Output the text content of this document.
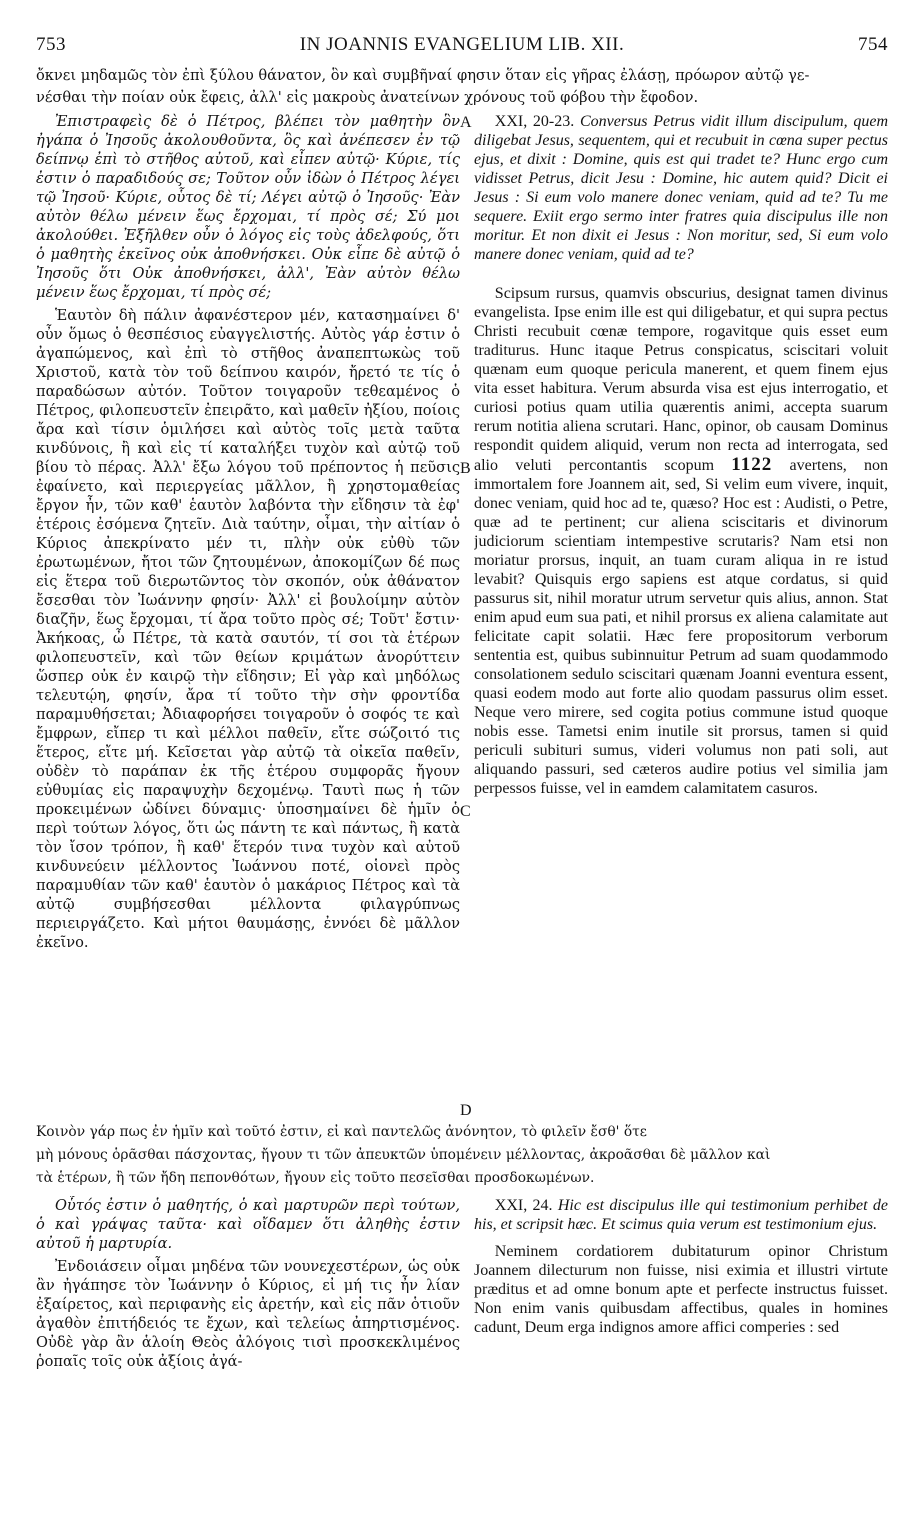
753	IN JOANNIS EVANGELIUM LIB. XII.	754
ὄκνει μηδαμῶς τὸν ἐπὶ ξύλου θάνατον, ὃν καὶ συμβῆναί φησιν ὅταν εἰς γῆρας ἐλάσῃ, πρόωρον αὐτῷ γε-
νέσθαι τὴν ποίαν οὐκ ἔφεις, ἀλλ' εἰς μακροὺς ἀνατείνων χρόνους τοῦ φόβου τὴν ἔφοδον.

Ἐπιστραφεὶς δὲ ὁ Πέτρος, βλέπει τὸν μαθητὴν ὃν ἠγάπα ὁ Ἰησοῦς ἀκολουθοῦντα, ὃς καὶ ἀνέπεσεν ἐν τῷ δείπνῳ ἐπὶ τὸ στῆθος αὐτοῦ, καὶ εἶπεν αὐτῷ· Κύριε, τίς ἐστιν ὁ παραδιδούς σε; Τοῦτον οὖν ἰδὼν ὁ Πέτρος λέγει τῷ Ἰησοῦ· Κύριε, οὗτος δὲ τί; Λέγει αὐτῷ ὁ Ἰησοῦς· Ἐὰν αὐτὸν θέλω μένειν ἕως ἔρχομαι, τί πρὸς σέ; Σύ μοι ἀκολούθει. Ἐξῆλθεν οὖν ὁ λόγος εἰς τοὺς ἀδελφούς, ὅτι ὁ μαθητὴς ἐκεῖνος οὐκ ἀποθνήσκει. Οὐκ εἶπε δὲ αὐτῷ ὁ Ἰησοῦς ὅτι Οὐκ ἀποθνήσκει, ἀλλ', Ἐὰν αὐτὸν θέλω μένειν ἕως ἔρχομαι, τί πρὸς σέ;

Ἑαυτὸν δὴ πάλιν ἀφανέστερον μέν, κατασημαίνει δ' οὖν ὅμως ὁ θεσπέσιος εὐαγγελιστής. Αὐτὸς γάρ ἐστιν ὁ ἀγαπώμενος, καὶ ἐπὶ τὸ στῆθος ἀναπεπτωκὼς τοῦ Χριστοῦ, κατὰ τὸν τοῦ δείπνου καιρόν, ἤρετό τε τίς ὁ παραδώσων αὐτόν. Τοῦτον τοιγαροῦν τεθεαμένος ὁ Πέτρος, φιλοπευστεῖν ἐπειρᾶτο, καὶ μαθεῖν ἠξίου, ποίοις ἄρα καὶ τίσιν ὁμιλήσει καὶ αὐτὸς τοῖς μετὰ ταῦτα κινδύνοις, ἢ καὶ εἰς τί καταλήξει τυχὸν καὶ αὐτῷ τοῦ βίου τὸ πέρας. Ἀλλ' ἔξω λόγου τοῦ πρέποντος ἡ πεῦσις ἐφαίνετο, καὶ περιεργείας μᾶλλον, ἢ χρηστομαθείας ἔργον ἦν, τῶν καθ' ἑαυτὸν λαβόντα τὴν εἴδησιν τὰ ἐφ' ἑτέροις ἐσόμενα ζητεῖν. Διὰ ταύτην, οἶμαι, τὴν αἰτίαν ὁ Κύριος ἀπεκρίνατο μέν τι, πλὴν οὐκ εὐθὺ τῶν ἐρωτωμένων, ἤτοι τῶν ζητουμένων, ἀποκομίζων δέ πως εἰς ἕτερα τοῦ διερωτῶντος τὸν σκοπόν, οὐκ ἀθάνατον ἔσεσθαι τὸν Ἰωάννην φησίν· Ἀλλ' εἰ βουλοίμην αὐτὸν διαζῆν, ἕως ἔρχομαι, τί ἄρα τοῦτο πρὸς σέ; Τοῦτ' ἔστιν· Ἀκήκοας, ὦ Πέτρε, τὰ κατὰ σαυτόν, τί σοι τὰ ἑτέρων φιλοπευστεῖν, καὶ τῶν θείων κριμάτων ἀνορύττειν ὥσπερ οὐκ ἐν καιρῷ τὴν εἴδησιν; Εἰ γὰρ καὶ μηδόλως τελευτῴη, φησίν, ἄρα τί τοῦτο τὴν σὴν φροντίδα παραμυθήσεται; Ἀδιαφορήσει τοιγαροῦν ὁ σοφός τε καὶ ἔμφρων, εἴπερ τι καὶ μέλλοι παθεῖν, εἴτε σώζοιτό τις ἕτερος, εἴτε μή. Κεῖσεται γὰρ αὐτῷ τὰ οἰκεῖα παθεῖν, οὐδὲν τὸ παράπαν ἐκ τῆς ἑτέρου συμφορᾶς ἤγουν εὐθυμίας εἰς παραψυχὴν δεχομένῳ. Ταυτὶ πως ἡ τῶν προκειμένων ὠδίνει δύναμις· ὑποσημαίνει δὲ ἡμῖν ὁ περὶ τούτων λόγος, ὅτι ὡς πάντη τε καὶ πάντως, ἢ κατὰ τὸν ἴσον τρόπον, ἢ καθ' ἕτερόν τινα τυχὸν καὶ αὐτοῦ κινδυνεύειν μέλλοντος Ἰωάννου ποτέ, οἱονεὶ πρὸς παραμυθίαν τῶν καθ' ἑαυτὸν ὁ μακάριος Πέτρος καὶ τὰ αὐτῷ συμβήσεσθαι μέλλοντα φιλαγρύπνως περιειργάζετο. Καὶ μήτοι θαυμάσῃς, ἐννόει δὲ μᾶλλον ἐκεῖνο.

XXI, 20-23. Conversus Petrus vidit illum discipulum, quem diligebat Jesus, sequentem, qui et recubuit in cœna super pectus ejus, et dixit : Domine, quis est qui tradet te? Hunc ergo cum vidisset Petrus, dicit Jesu : Domine, hic autem quid? Dicit ei Jesus : Si eum volo manere donec veniam, quid ad te? Tu me sequere. Exiit ergo sermo inter fratres quia discipulus ille non moritur. Et non dixit ei Jesus : Non moritur, sed, Si eum volo manere donec veniam, quid ad te?

Scipsum rursus, quamvis obscurius, designat tamen divinus evangelista. Ipse enim ille est qui diligebatur, et qui supra pectus Christi recubuit cœnæ tempore, rogavitque quis esset eum traditurus. Hunc itaque Petrus conspicatus, sciscitari voluit quænam eum quoque pericula manerent, et quem finem ejus vita esset habitura. Verum absurda visa est ejus interrogatio, et curiosi potius quam utilia quærentis animi, accepta suarum rerum notitia aliena scrutari. Hanc, opinor, ob causam Dominus respondit quidem aliquid, verum non recta ad interrogata, sed alio veluti percontantis scopum 1122 avertens, non immortalem fore Joannem ait, sed, Si velim eum vivere, inquit, donec veniam, quid hoc ad te, quæso? Hoc est : Audisti, o Petre, quæ ad te pertinent; cur aliena sciscitaris et divinorum judiciorum scientiam intempestive scrutaris? Nam etsi non moriatur prorsus, inquit, an tuam curam aliqua in re istud levabit? Quisquis ergo sapiens est atque cordatus, si quid passurus sit, nihil moratur utrum servetur quis alius, annon. Stat enim apud eum sua pati, et nihil prorsus ex aliena calamitate aut felicitate capit solatii. Hæc fere propositorum verborum sententia est, quibus subinnuitur Petrum ad suam quodammodo consolationem sedulo sciscitari quænam Joanni eventura essent, quasi eodem modo aut forte alio quodam passurus olim esset. Neque vero mirere, sed cogita potius commune istud quoque nobis esse. Tametsi enim inutile sit prorsus, tamen si quid periculi subituri sumus, videri volumus non pati soli, aut aliquando passuri, sed cæteros audire potius vel similia jam perpessos fuisse, vel in eamdem calamitatem casuros.

Κοινὸν γάρ πως ἐν ἡμῖν καὶ τοῦτό ἐστιν, εἰ καὶ παντελῶς ἀνόνητον, τὸ φιλεῖν ἔσθ' ὅτε
μὴ μόνους ὁρᾶσθαι πάσχοντας, ἤγουν τι τῶν ἀπευκτῶν ὑπομένειν μέλλοντας, ἀκροᾶσθαι δὲ μᾶλλον καὶ
τὰ ἑτέρων, ἢ τῶν ἤδη πεπονθότων, ἤγουν εἰς τοῦτο πεσεῖσθαι προσδοκωμένων.

Οὗτός ἐστιν ὁ μαθητής, ὁ καὶ μαρτυρῶν περὶ τούτων, ὁ καὶ γράψας ταῦτα· καὶ οἴδαμεν ὅτι ἀληθὴς ἐστιν αὐτοῦ ἡ μαρτυρία.

Ἐνδοιάσειν οἶμαι μηδένα τῶν νουνεχεστέρων, ὡς οὐκ ἂν ἠγάπησε τὸν Ἰωάννην ὁ Κύριος, εἰ μή τις ἦν λίαν ἐξαίρετος, καὶ περιφανὴς εἰς ἀρετήν, καὶ εἰς πᾶν ὁτιοῦν ἀγαθὸν ἐπιτήδειός τε ἔχων, καὶ τελείως ἀπηρτισμένος. Οὐδὲ γὰρ ἂν ἁλοίη Θεὸς ἀλόγοις τισὶ προσκεκλιμένος ῥοπαῖς τοῖς οὐκ ἀξίοις ἀγά-

XXI, 24. Hic est discipulus ille qui testimonium perhibet de his, et scripsit hæc. Et scimus quia verum est testimonium ejus.

Neminem cordatiorem dubitaturum opinor Christum Joannem dilecturum non fuisse, nisi eximia et illustri virtute præditus et ad omne bonum apte et perfecte instructus fuisset. Non enim vanis quibusdam affectibus, quales in homines cadunt, Deum erga indignos amore affici comperies : sed

A
B
C
D
